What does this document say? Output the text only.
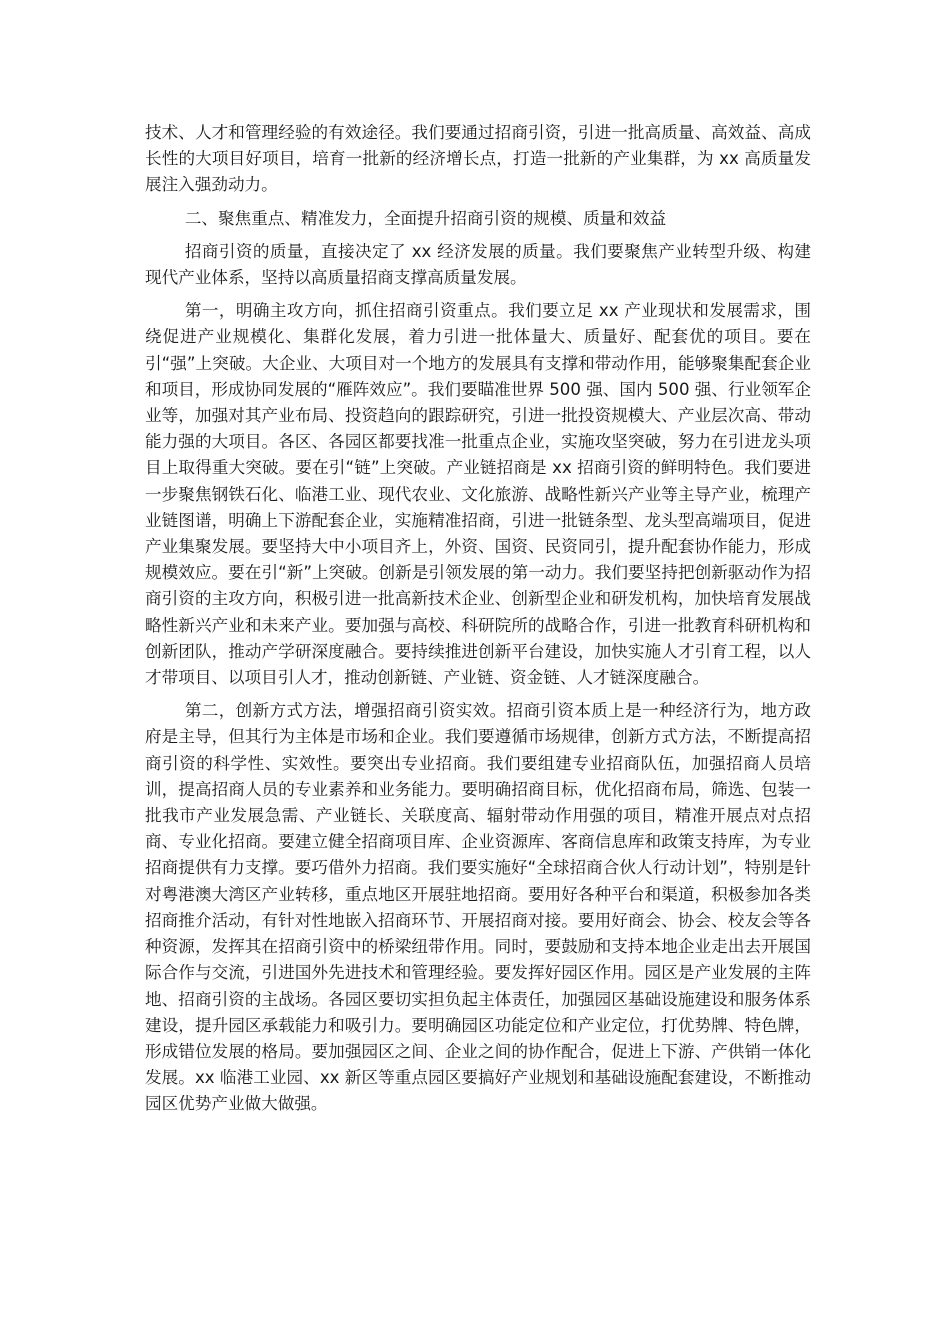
技术、人才和管理经验的有效途径。我们要通过招商引资，引进一批高质量、高效益、高成长性的大项目好项目，培育一批新的经济增长点，打造一批新的产业集群，为 xx 高质量发展注入强劲动力。

二、聚焦重点、精准发力，全面提升招商引资的规模、质量和效益

招商引资的质量，直接决定了 xx 经济发展的质量。我们要聚焦产业转型升级、构建现代产业体系，坚持以高质量招商支撑高质量发展。

第一，明确主攻方向，抓住招商引资重点。我们要立足 xx 产业现状和发展需求，围绕促进产业规模化、集群化发展，着力引进一批体量大、质量好、配套优的项目。要在引“强”上突破。大企业、大项目对一个地方的发展具有支撑和带动作用，能够聚集配套企业和项目，形成协同发展的“雁阵效应”。我们要瞄准世界 500 强、国内 500 强、行业领军企业等，加强对其产业布局、投资趋向的跟踪研究，引进一批投资规模大、产业层次高、带动能力强的大项目。各区、各园区都要找准一批重点企业，实施攻坚突破，努力在引进龙头项目上取得重大突破。要在引“链”上突破。产业链招商是 xx 招商引资的鲜明特色。我们要进一步聚焦钢铁石化、临港工业、现代农业、文化旅游、战略性新兴产业等主导产业，梳理产业链图谱，明确上下游配套企业，实施精准招商，引进一批链条型、龙头型高端项目，促进产业集聚发展。要坚持大中小项目齐上，外资、国资、民资同引，提升配套协作能力，形成规模效应。要在引“新”上突破。创新是引领发展的第一动力。我们要坚持把创新驱动作为招商引资的主攻方向，积极引进一批高新技术企业、创新型企业和研发机构，加快培育发展战略性新兴产业和未来产业。要加强与高校、科研院所的战略合作，引进一批教育科研机构和创新团队，推动产学研深度融合。要持续推进创新平台建设，加快实施人才引育工程，以人才带项目、以项目引人才，推动创新链、产业链、资金链、人才链深度融合。

第二，创新方式方法，增强招商引资实效。招商引资本质上是一种经济行为，地方政府是主导，但其行为主体是市场和企业。我们要遵循市场规律，创新方式方法，不断提高招商引资的科学性、实效性。要突出专业招商。我们要组建专业招商队伍，加强招商人员培训，提高招商人员的专业素养和业务能力。要明确招商目标，优化招商布局，筛选、包装一批我市产业发展急需、产业链长、关联度高、辐射带动作用强的项目，精准开展点对点招商、专业化招商。要建立健全招商项目库、企业资源库、客商信息库和政策支持库，为专业招商提供有力支撑。要巧借外力招商。我们要实施好“全球招商合伙人行动计划”，特别是针对粤港澳大湾区产业转移，重点地区开展驻地招商。要用好各种平台和渠道，积极参加各类招商推介活动，有针对性地嵌入招商环节、开展招商对接。要用好商会、协会、校友会等各种资源，发挥其在招商引资中的桥梁纽带作用。同时，要鼓励和支持本地企业走出去开展国际合作与交流，引进国外先进技术和管理经验。要发挥好园区作用。园区是产业发展的主阵地、招商引资的主战场。各园区要切实担负起主体责任，加强园区基础设施建设和服务体系建设，提升园区承载能力和吸引力。要明确园区功能定位和产业定位，打优势牌、特色牌，形成错位发展的格局。要加强园区之间、企业之间的协作配合，促进上下游、产供销一体化发展。xx 临港工业园、xx 新区等重点园区要搞好产业规划和基础设施配套建设，不断推动园区优势产业做大做强。
